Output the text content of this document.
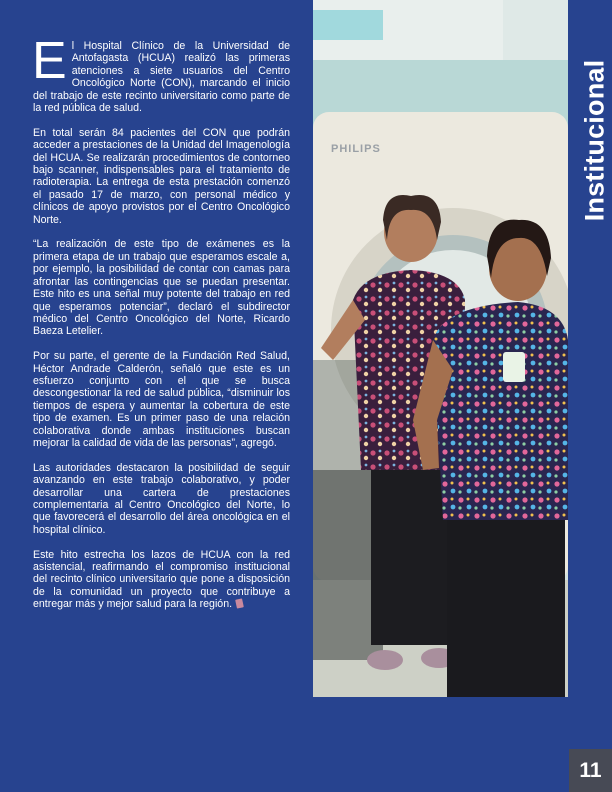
El Hospital Clínico de la Universidad de Antofagasta (HCUA) realizó las primeras atenciones a siete usuarios del Centro Oncológico Norte (CON), marcando el inicio del trabajo de este recinto universitario como parte de la red pública de salud.

En total serán 84 pacientes del CON que podrán acceder a prestaciones de la Unidad del Imagenología del HCUA. Se realizarán procedimientos de contorneo bajo scanner, indispensables para el tratamiento de radioterapia. La entrega de esta prestación comenzó el pasado 17 de marzo, con personal médico y clínicos de apoyo provistos por el Centro Oncológico Norte.

“La realización de este tipo de exámenes es la primera etapa de un trabajo que esperamos escale a, por ejemplo, la posibilidad de contar con camas para afrontar las contingencias que se puedan presentar. Este hito es una señal muy potente del trabajo en red que esperamos potenciar”, declaró el subdirector médico del Centro Oncológico del Norte, Ricardo Baeza Letelier.

Por su parte, el gerente de la Fundación Red Salud, Héctor Andrade Calderón, señaló que este es un esfuerzo conjunto con el que se busca descongestionar la red de salud pública, “disminuir los tiempos de espera y aumentar la cobertura de este tipo de examen. Es un primer paso de una relación colaborativa donde ambas instituciones buscan mejorar la calidad de vida de las personas”, agregó.

Las autoridades destacaron la posibilidad de seguir avanzando en este trabajo colaborativo, y poder desarrollar una cartera de prestaciones complementaria al Centro Oncológico del Norte, lo que favorecerá el desarrollo del área oncológica en el hospital clínico.

Este hito estrecha los lazos de HCUA con la red asistencial, reafirmando el compromiso institucional del recinto clínico universitario que pone a disposición de la comunidad un proyecto que contribuye a entregar más y mejor salud para la región.

PHILIPS	Institucional
11
